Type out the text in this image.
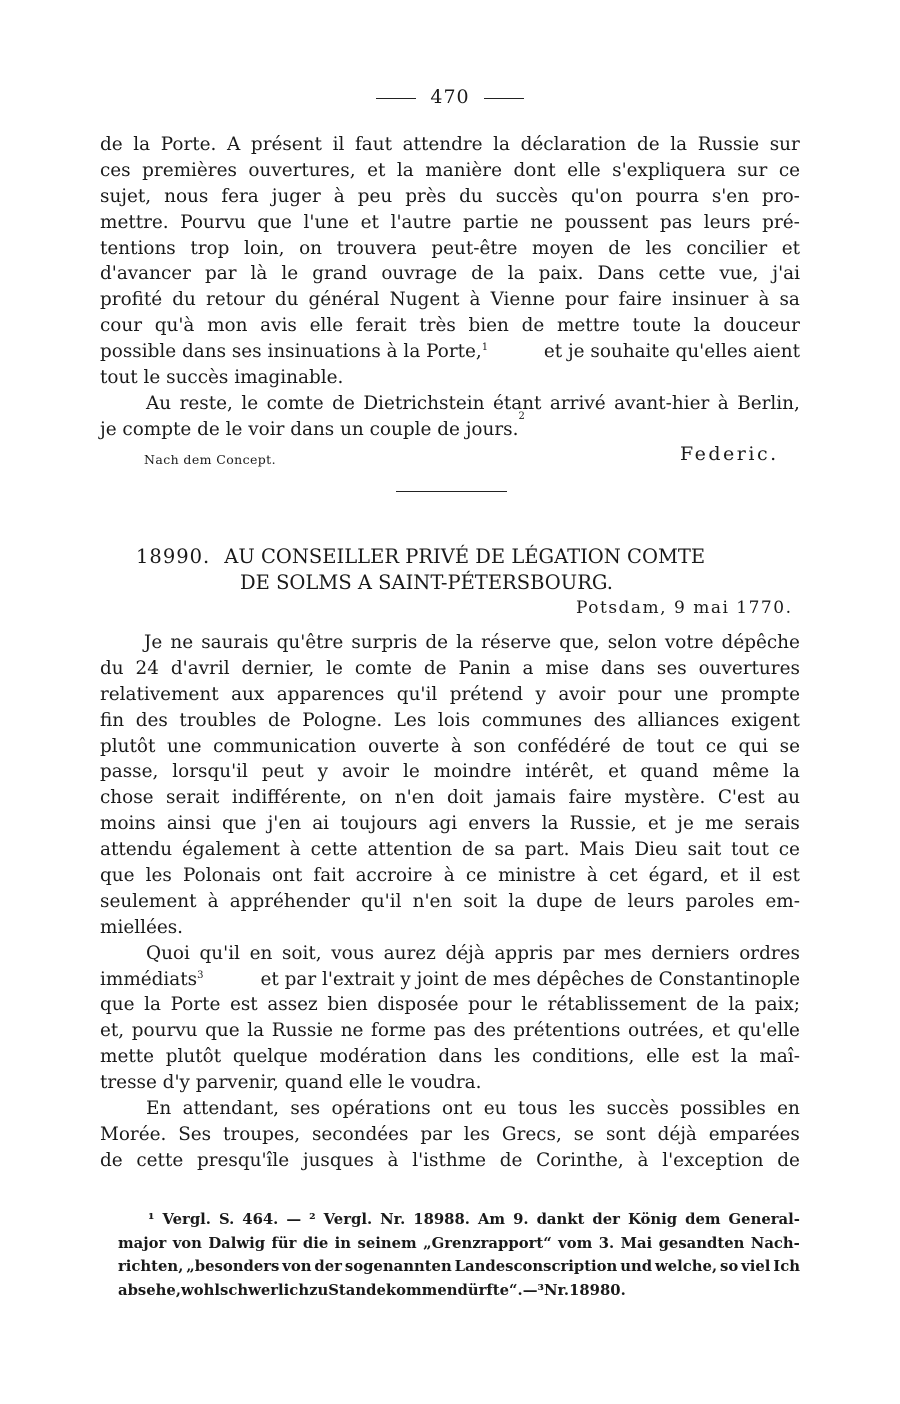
470
de la Porte. A présent il faut attendre la déclaration de la Russie sur
ces premières ouvertures, et la manière dont elle s'expliquera sur ce
sujet, nous fera juger à peu près du succès qu'on pourra s'en pro-
mettre. Pourvu que l'une et l'autre partie ne poussent pas leurs pré-
tentions trop loin, on trouvera peut-être moyen de les concilier et
d'avancer par là le grand ouvrage de la paix. Dans cette vue, j'ai
profité du retour du général Nugent à Vienne pour faire insinuer à sa
cour qu'à mon avis elle ferait très bien de mettre toute la douceur
possible dans ses insinuations à la Porte,$^1$	et je souhaite qu'elles aient
tout le succès imaginable.
Au reste, le comte de Dietrichstein étant arrivé avant-hier à Berlin,
je compte de le voir dans un couple de jours.
2
Nach dem Concept.	Federic.
18990. AU CONSEILLER PRIVÉ DE LÉGATION COMTE
DE SOLMS A SAINT-PÉTERSBOURG.
Potsdam, 9 mai 1770.
Je ne saurais qu'être surpris de la réserve que, selon votre dépêche
du 24 d'avril dernier, le comte de Panin a mise dans ses ouvertures
relativement aux apparences qu'il prétend y avoir pour une prompte
fin des troubles de Pologne. Les lois communes des alliances exigent
plutôt une communication ouverte à son confédéré de tout ce qui se
passe, lorsqu'il peut y avoir le moindre intérêt, et quand même la
chose serait indifférente, on n'en doit jamais faire mystère. C'est au
moins ainsi que j'en ai toujours agi envers la Russie, et je me serais
attendu également à cette attention de sa part. Mais Dieu sait tout ce
que les Polonais ont fait accroire à ce ministre à cet égard, et il est
seulement à appréhender qu'il n'en soit la dupe de leurs paroles em-
miellées.
Quoi qu'il en soit, vous aurez déjà appris par mes derniers ordres
immédiats$^3$	et par l'extrait y joint de mes dépêches de Constantinople
que la Porte est assez bien disposée pour le rétablissement de la paix;
et, pourvu que la Russie ne forme pas des prétentions outrées, et qu'elle
mette plutôt quelque modération dans les conditions, elle est la maî-
tresse d'y parvenir, quand elle le voudra.
En attendant, ses opérations ont eu tous les succès possibles en
Morée. Ses troupes, secondées par les Grecs, se sont déjà emparées
de cette presqu'île jusques à l'isthme de Corinthe, à l'exception de
¹ Vergl. S. 464. — ² Vergl. Nr. 18988. Am 9. dankt der König dem General-
major von Dalwig für die in seinem „Grenzrapport“ vom 3. Mai gesandten Nach-
richten, „besonders von der sogenannten Landesconscription und welche, so viel Ich
absehe, wohl schwerlich zu Stande kommen dürfte“. — ³ Nr. 18980.
